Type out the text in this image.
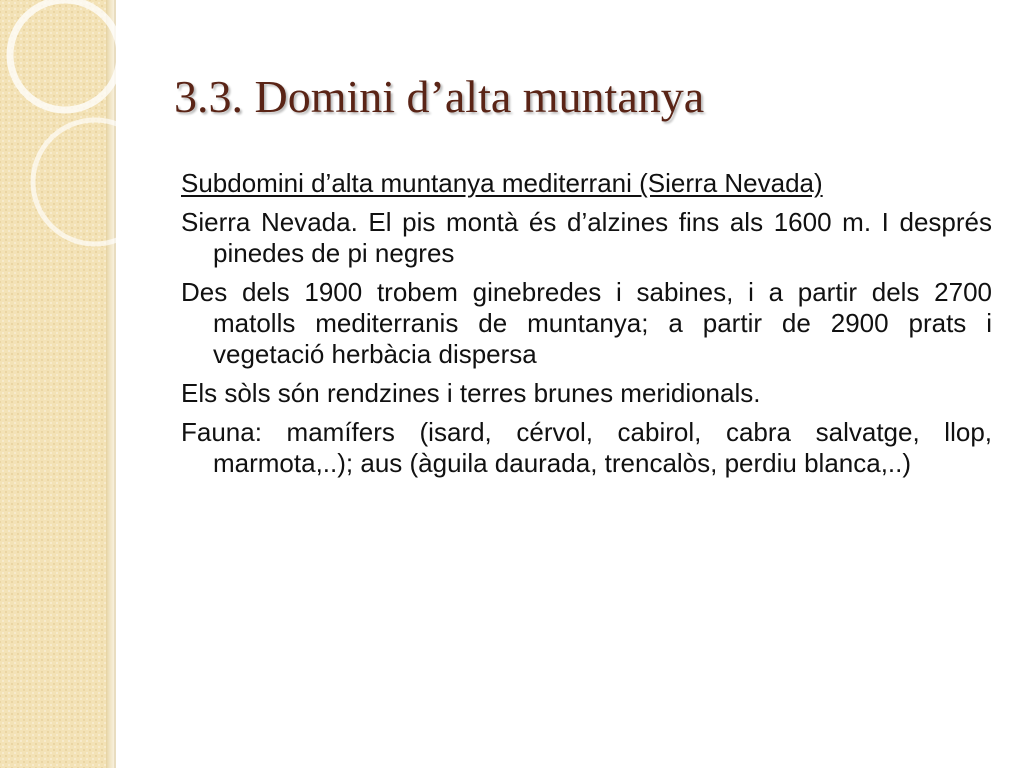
3.3. Domini d’alta muntanya

Subdomini d’alta muntanya mediterrani (Sierra Nevada)

Sierra Nevada. El pis montà és d’alzines fins als 1600 m. I després pinedes de pi negres

Des dels 1900 trobem ginebredes i sabines, i a partir dels 2700 matolls mediterranis de muntanya; a partir de 2900 prats i vegetació herbàcia dispersa

Els sòls són rendzines i terres brunes meridionals.

Fauna: mamífers (isard, cérvol, cabirol, cabra salvatge, llop, marmota,..); aus (àguila daurada, trencalòs, perdiu blanca,..)
